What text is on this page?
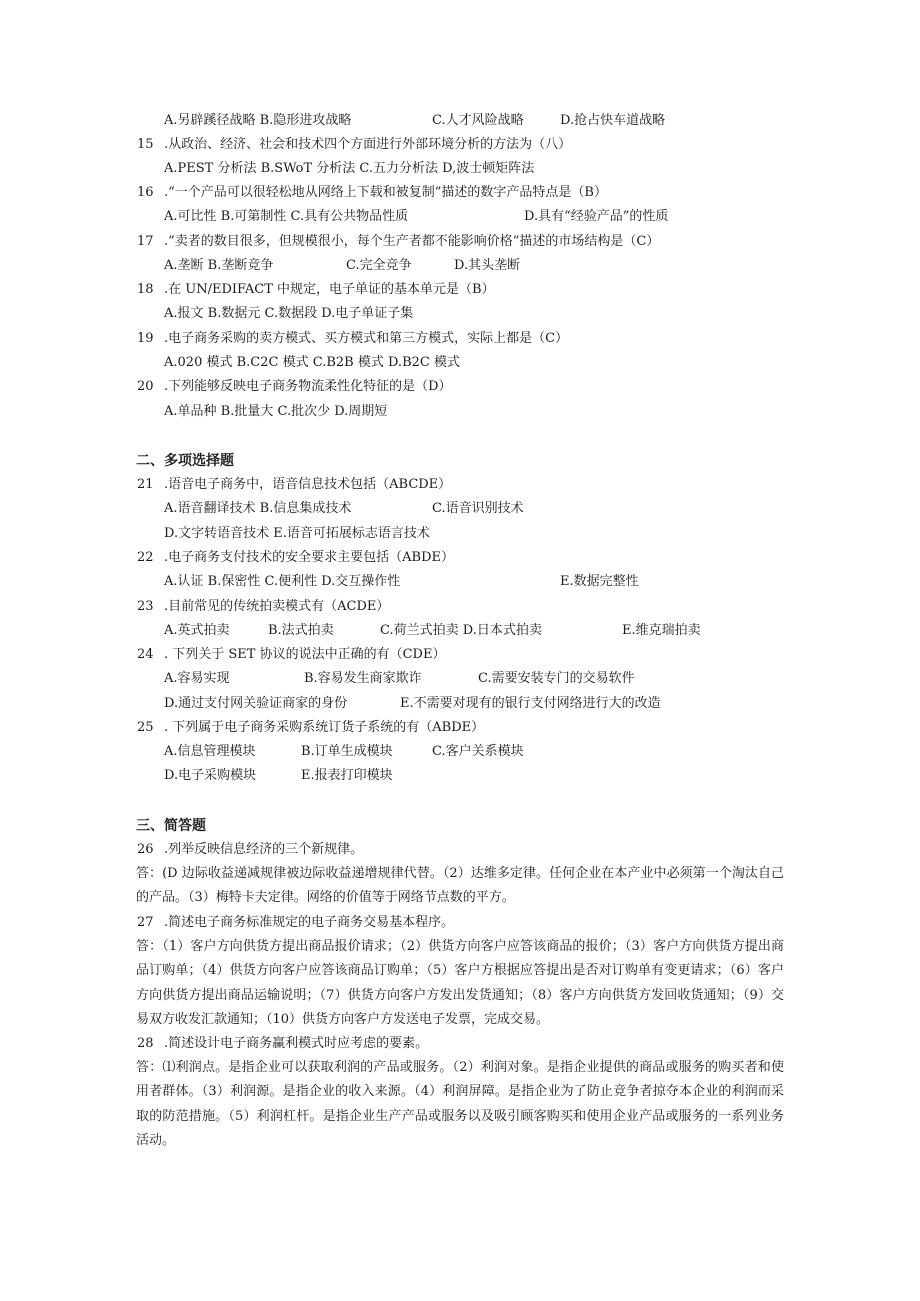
A.另辟蹊径战略 B.隐形进攻战略	C.人才风险战略	D.抢占快车道战略
15 .从政治、经济、社会和技术四个方面进行外部环境分析的方法为（八）
A.PEST 分析法 B.SWoT 分析法 C.五力分析法 D,波士顿矩阵法
16 .“一个产品可以很轻松地从网络上下载和被复制”描述的数字产品特点是（B）
A.可比性 B.可第制性 C.具有公共物品性质	D.具有“经验产品”的性质
17 .”卖者的数目很多，但规模很小，每个生产者都不能影响价格”描述的市场结构是（C）
A.垄断 B.垄断竞争	C.完全竞争	D.其头垄断
18 .在 UN/EDIFACT 中规定，电子单证的基本单元是（B）
A.报文 B.数据元 C.数据段 D.电子单证子集
19 .电子商务采购的卖方模式、买方模式和第三方模式，实际上都是（C）
A.020 模式 B.C2C 模式 C.B2B 模式 D.B2C 模式
20 .下列能够反映电子商务物流柔性化特征的是（D）
A.单品种 B.批量大 C.批次少 D.周期短
二、多项选择题
21 .语音电子商务中，语音信息技术包括（ABCDE）
A.语音翻译技术 B.信息集成技术	C.语音识别技术
D.文字转语音技术 E.语音可拓展标志语言技术
22 .电子商务支付技术的安全要求主要包括（ABDE）
A.认证 B.保密性 C.便利性 D.交互操作性	E.数据完整性
23 .目前常见的传统拍卖模式有（ACDE）
A.英式拍卖	B.法式拍卖	C.荷兰式拍卖 D.日本式拍卖	E.维克瑞拍卖
24 . 下列关于 SET 协议的说法中正确的有（CDE）
A.容易实现	B.容易发生商家欺诈	C.需要安装专门的交易软件
D.通过支付网关验证商家的身份	E.不需要对现有的银行支付网络进行大的改造
25 . 下列属于电子商务采购系统订货子系统的有（ABDE）
A.信息管理模块	B.订单生成模块	C.客户关系模块
D.电子采购模块	E.报表打印模块
三、简答题
26 .列举反映信息经济的三个新规律。
答：(D 边际收益递减规律被边际收益递增规律代替。（2）达维多定律。任何企业在本产业中必须第一个淘汰自己的产品。（3）梅特卡夫定律。网络的价值等于网络节点数的平方。
27 .简述电子商务标准规定的电子商务交易基本程序。
答：（1）客户方向供货方提出商品报价请求；（2）供货方向客户应答该商品的报价；（3）客户方向供货方提出商品订购单；（4）供货方向客户应答该商品订购单；（5）客户方根据应答提出是否对订购单有变更请求；（6）客户方向供货方提出商品运输说明；（7）供货方向客户方发出发货通知；（8）客户方向供货方发回收货通知；（9）交易双方收发汇款通知；（10）供货方向客户方发送电子发票，完成交易。
28 .简述设计电子商务赢利模式时应考虑的要素。
答：⑴利润点。是指企业可以获取利润的产品或服务。（2）利润对象。是指企业提供的商品或服务的购买者和使用者群体。（3）利润源。是指企业的收入来源。（4）利润屏障。是指企业为了防止竞争者掠夺本企业的利润而采取的防范措施。（5）利润杠杆。是指企业生产产品或服务以及吸引顾客购买和使用企业产品或服务的一系列业务活动。
